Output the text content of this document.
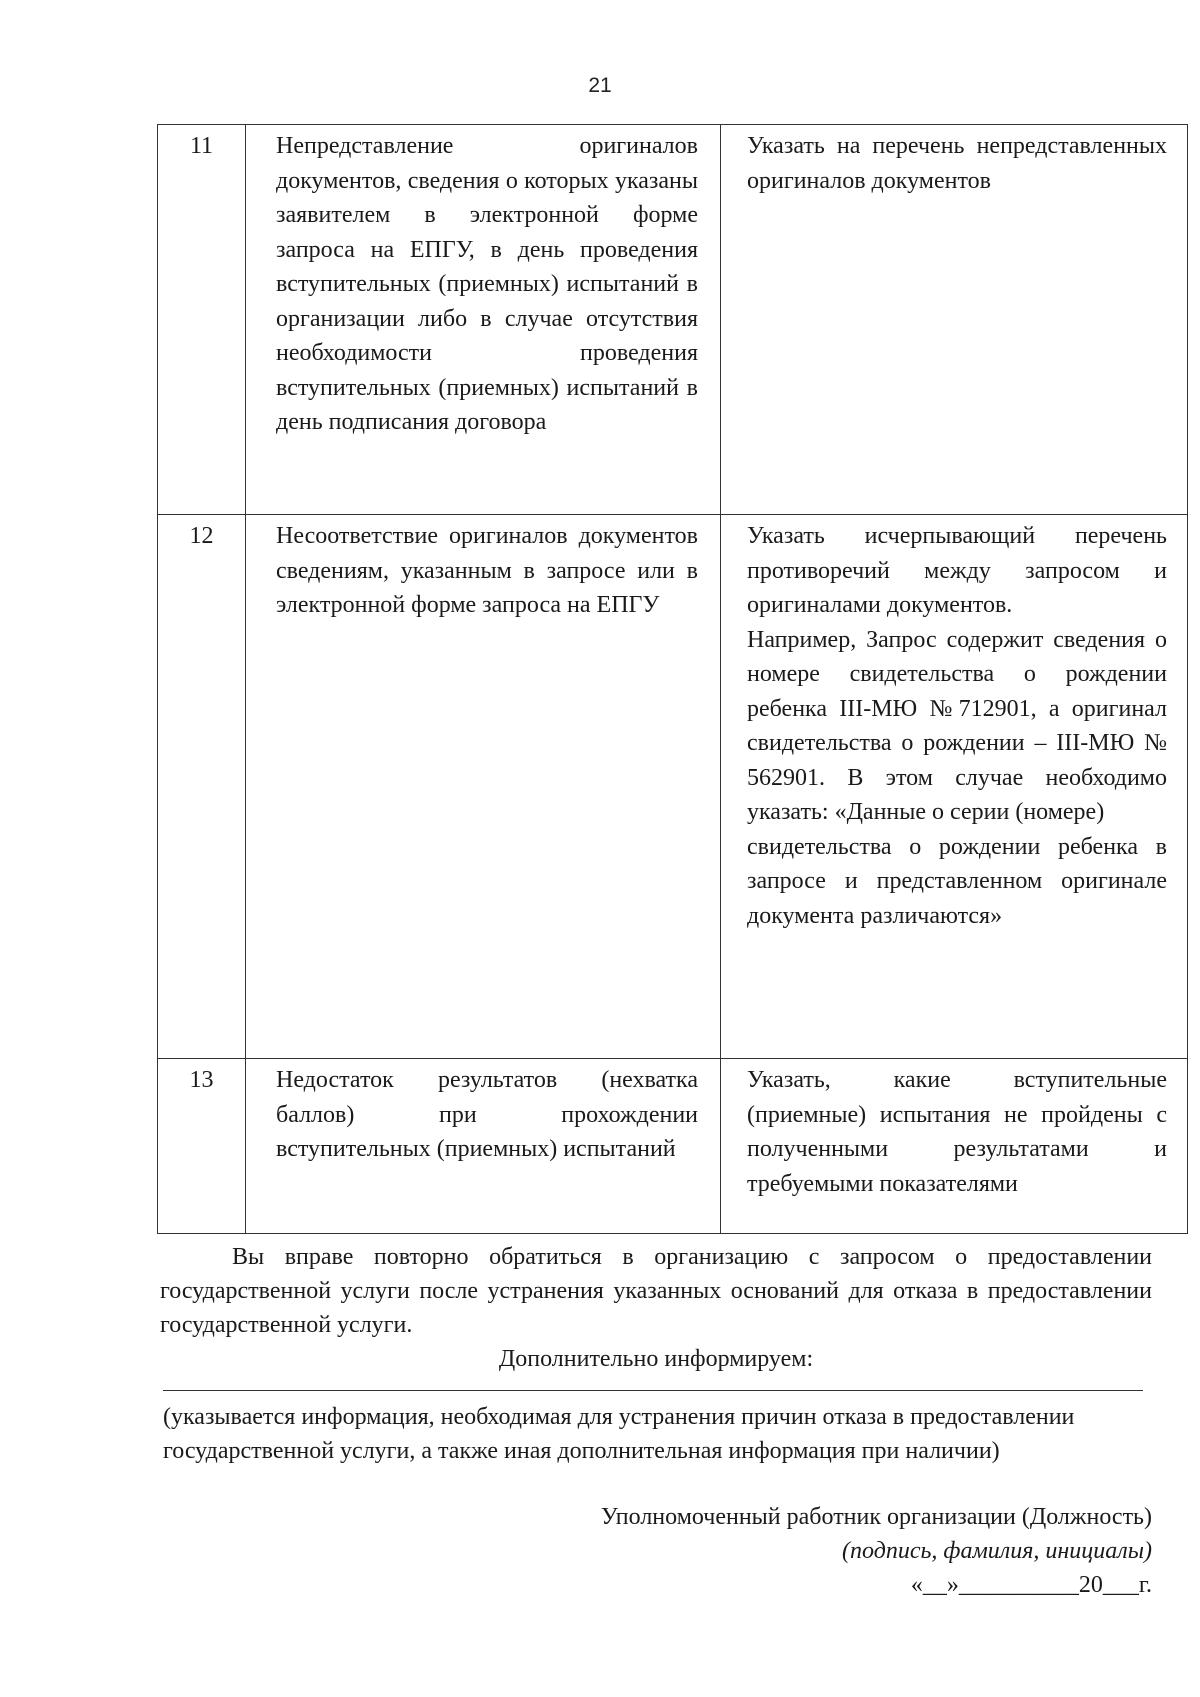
21
11	Непредставление оригиналов документов, сведения о которых указаны заявителем в электронной форме запроса на ЕПГУ, в день проведения вступительных (приемных) испытаний в организации либо в случае отсутствия необходимости проведения вступительных (приемных) испытаний в день подписания договора	Указать на перечень непредставленных оригиналов документов

12	Несоответствие оригиналов документов сведениям, указанным в запросе или в электронной форме запроса на ЕПГУ	Указать исчерпывающий перечень противоречий между запросом и оригиналами документов.

Например, Запрос содержит сведения о номере свидетельства о рождении ребенка III-МЮ №712901, а оригинал свидетельства о рождении – III-МЮ № 562901. В этом случае необходимо указать: «Данные о серии (номере)

свидетельства о рождении ребенка в запросе и представленном оригинале документа различаются»

13	Недостаток результатов (нехватка баллов) при прохождении вступительных (приемных) испытаний	Указать, какие вступительные (приемные) испытания не пройдены с полученными результатами и требуемыми показателями

Вы вправе повторно обратиться в организацию с запросом о предоставлении государственной услуги после устранения указанных оснований для отказа в предоставлении государственной услуги.

Дополнительно информируем:

(указывается информация, необходимая для устранения причин отказа в предоставлении государственной услуги, а также иная дополнительная информация при наличии)

Уполномоченный работник организации (Должность)

(подпись, фамилия, инициалы)

«__»__________20___г.
